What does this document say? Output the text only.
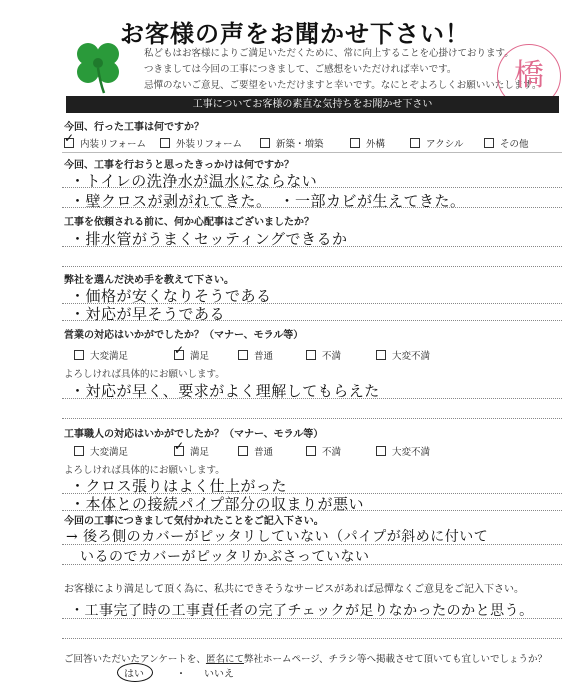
お客様の声をお聞かせ下さい！
私どもはお客様によりご満足いただくために、常に向上することを心掛けております。
つきましては今回の工事につきまして、ご感想をいただければ幸いです。
忌憚のないご意見、ご要望をいただけますと幸いです。なにとぞよろしくお願いいたします。
橋
工事についてお客様の素直な気持ちをお聞かせ下さい
今回、行った工事は何ですか？
内装リフォーム	外装リフォーム	新築・増築	外構	アクシル	その他
✓
今回、工事を行おうと思ったきっかけは何ですか？
・トイレの洗浄水が温水にならない
・壁クロスが剥がれてきた。　・一部カビが生えてきた。
工事を依頼される前に、何か心配事はございましたか？
・排水管がうまくセッティングできるか
弊社を選んだ決め手を教えて下さい。
・価格が安くなりそうである
・対応が早そうである
営業の対応はいかがでしたか？（マナー、モラル等）
大変満足	満足	普通	不満	大変不満
✓
よろしければ具体的にお願いします。
・対応が早く、要求がよく理解してもらえた
工事職人の対応はいかがでしたか？（マナー、モラル等）
大変満足	満足	普通	不満	大変不満
✓
よろしければ具体的にお願いします。
・クロス張りはよく仕上がった
・本体との接続パイプ部分の収まりが悪い
今回の工事につきまして気付かれたことをご記入下さい。
→ 後ろ側のカバーがピッタリしていない（パイプが斜めに付いて
いるのでカバーがピッタリかぶさっていない
お客様により満足して頂く為に、私共にできそうなサービスがあれば忌憚なくご意見をご記入下さい。
・工事完了時の工事責任者の完了チェックが足りなかったのかと思う。
ご回答いただいたアンケートを、匿名にて弊社ホームページ、チラシ等へ掲載させて頂いても宜しいでしょうか？
はい	・ いいえ
